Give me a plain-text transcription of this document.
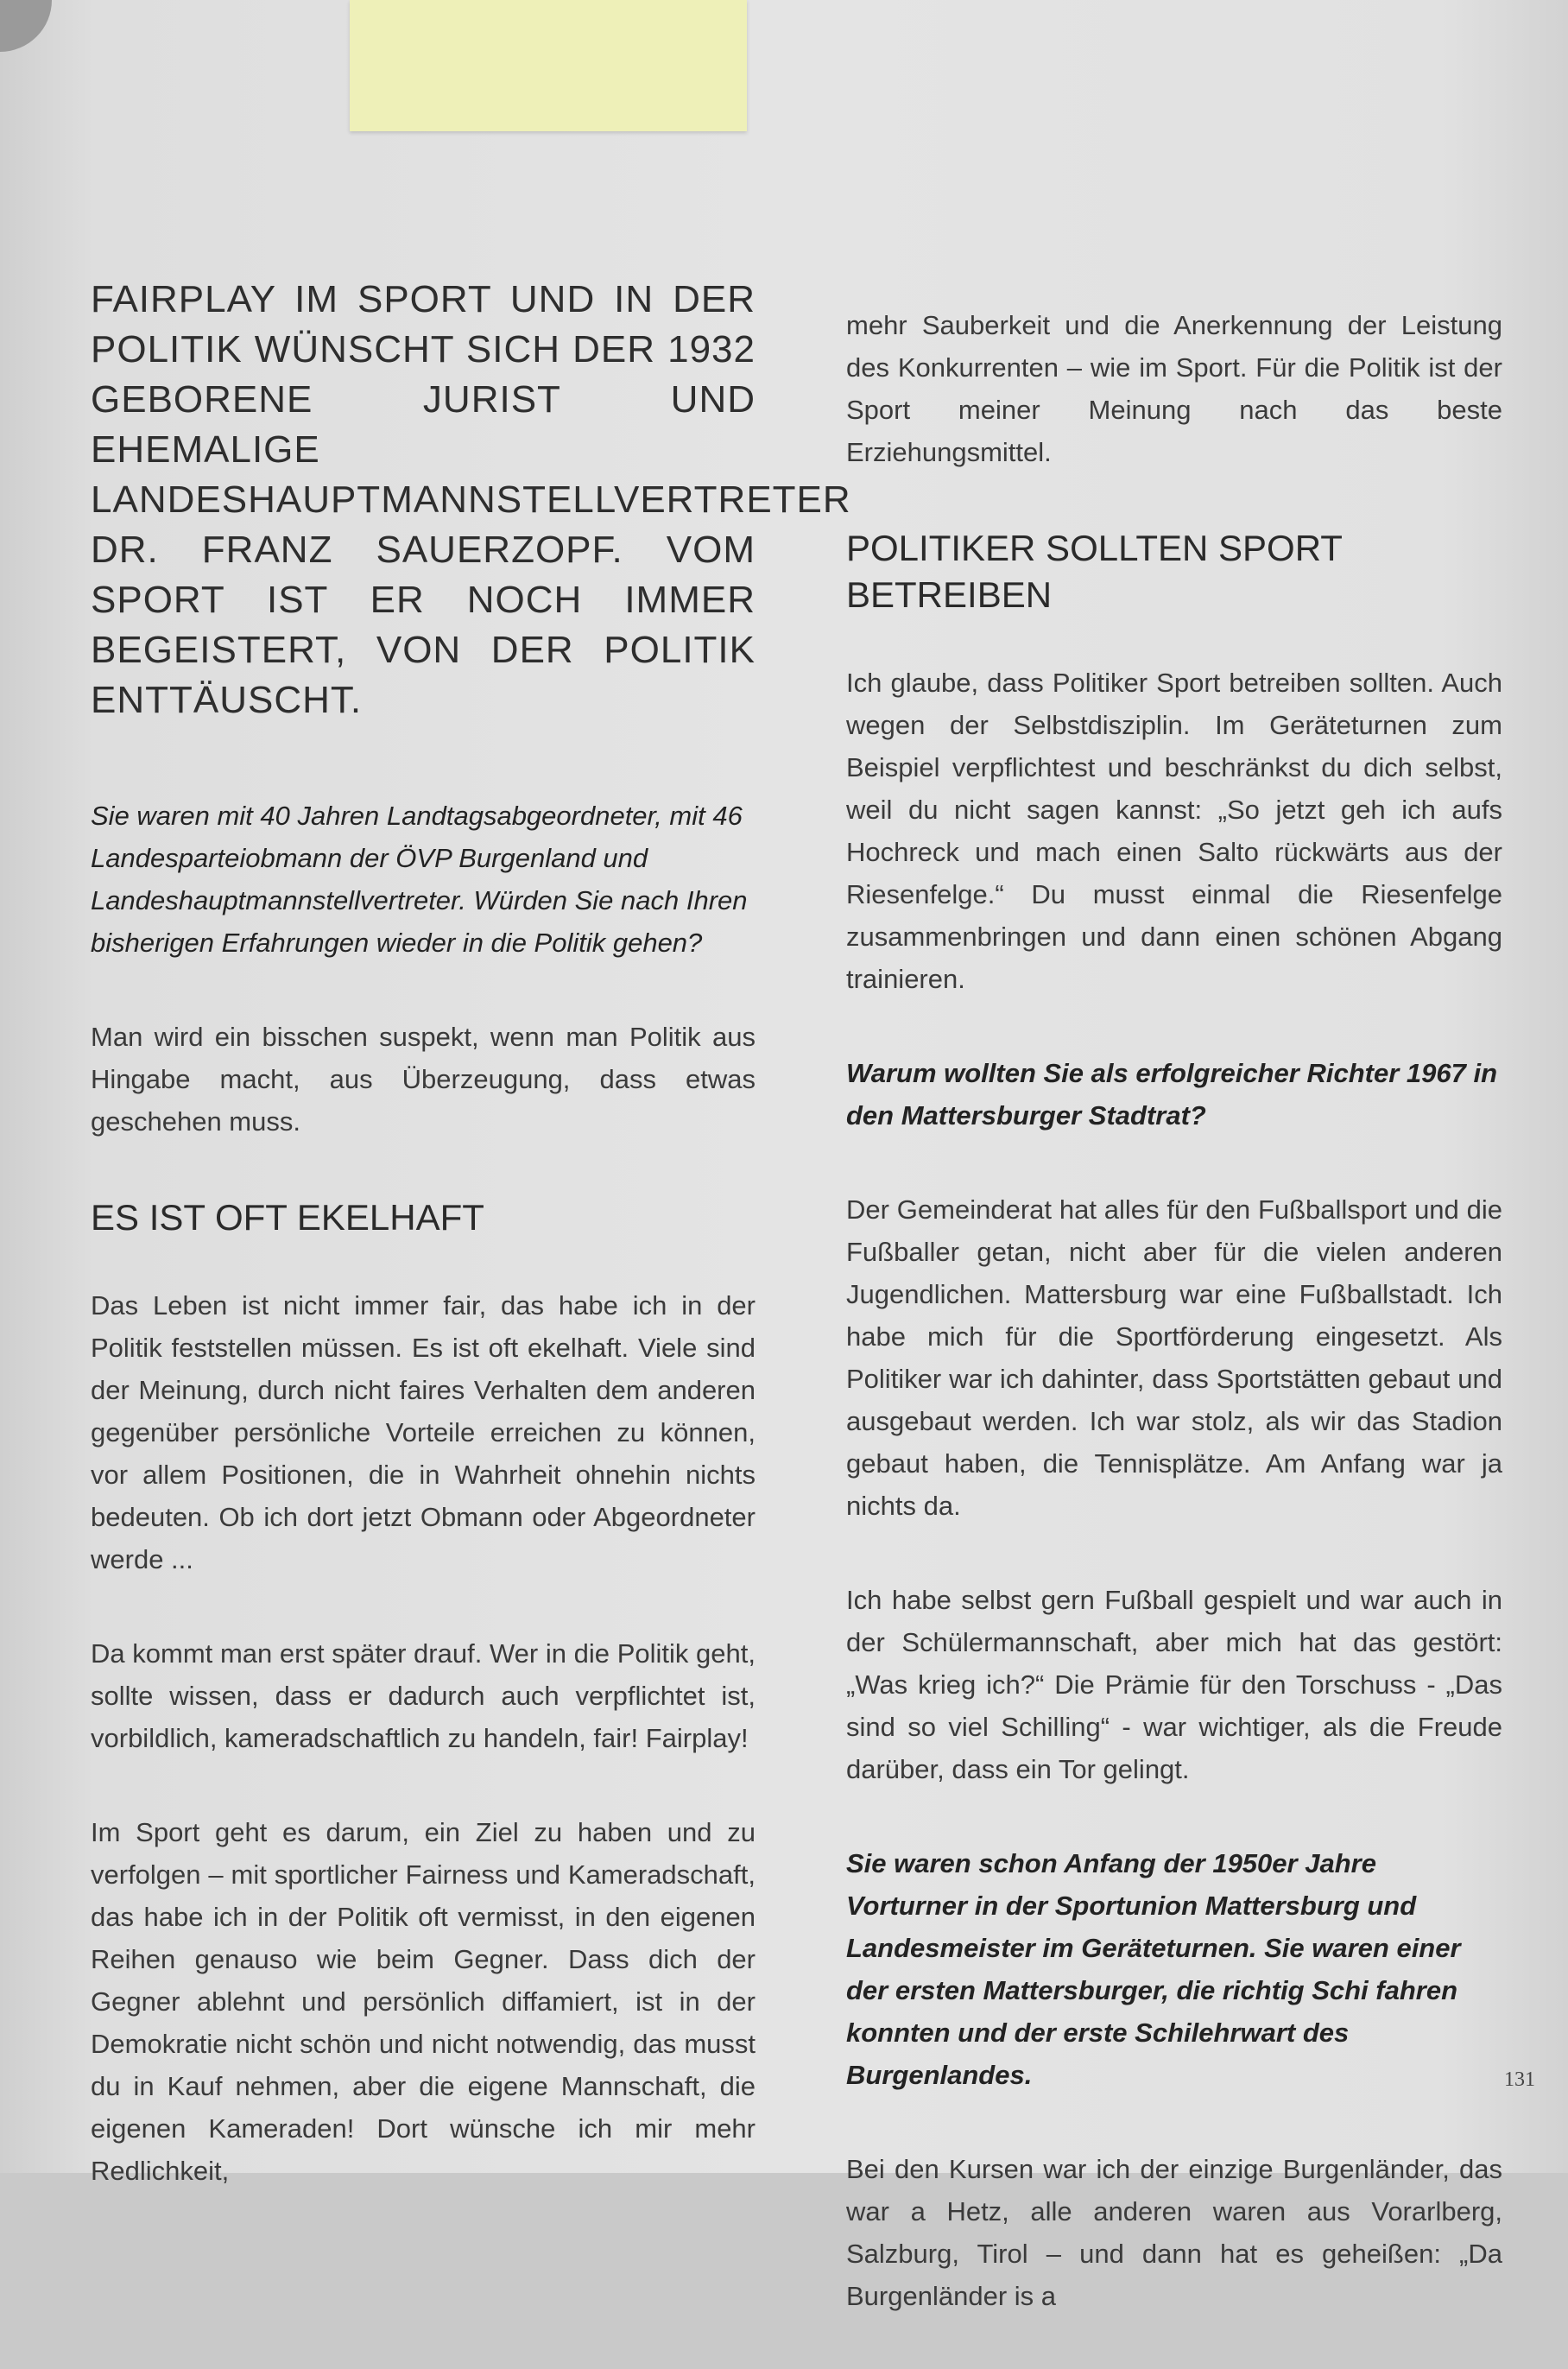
FAIRPLAY IM SPORT UND IN DER POLITIK WÜNSCHT SICH DER 1932 GEBORENE JURIST UND EHEMALIGE LANDESHAUPTMANNSTELLVERTRETER DR. FRANZ SAUERZOPF. VOM SPORT IST ER NOCH IMMER BEGEISTERT, VON DER POLITIK ENTTÄUSCHT.

Sie waren mit 40 Jahren Landtagsabgeordneter, mit 46 Landesparteiobmann der ÖVP Burgenland und Landeshauptmannstellvertreter. Würden Sie nach Ihren bisherigen Erfahrungen wieder in die Politik gehen?

Man wird ein bisschen suspekt, wenn man Politik aus Hingabe macht, aus Überzeugung, dass etwas geschehen muss.

ES IST OFT EKELHAFT

Das Leben ist nicht immer fair, das habe ich in der Politik feststellen müssen. Es ist oft ekelhaft. Viele sind der Meinung, durch nicht faires Verhalten dem anderen gegenüber persönliche Vorteile erreichen zu können, vor allem Positionen, die in Wahrheit ohnehin nichts bedeuten. Ob ich dort jetzt Obmann oder Abgeordneter werde ...

Da kommt man erst später drauf. Wer in die Politik geht, sollte wissen, dass er dadurch auch verpflichtet ist, vorbildlich, kameradschaftlich zu handeln, fair! Fairplay!

Im Sport geht es darum, ein Ziel zu haben und zu verfolgen – mit sportlicher Fairness und Kameradschaft, das habe ich in der Politik oft vermisst, in den eigenen Reihen genauso wie beim Gegner. Dass dich der Gegner ablehnt und persönlich diffamiert, ist in der Demokratie nicht schön und nicht notwendig, das musst du in Kauf nehmen, aber die eigene Mannschaft, die eigenen Kameraden! Dort wünsche ich mir mehr Redlichkeit,

mehr Sauberkeit und die Anerkennung der Leistung des Konkurrenten – wie im Sport. Für die Politik ist der Sport meiner Meinung nach das beste Erziehungsmittel.

POLITIKER SOLLTEN SPORT BETREIBEN

Ich glaube, dass Politiker Sport betreiben sollten. Auch wegen der Selbstdisziplin. Im Geräteturnen zum Beispiel verpflichtest und beschränkst du dich selbst, weil du nicht sagen kannst: „So jetzt geh ich aufs Hochreck und mach einen Salto rückwärts aus der Riesenfelge.“ Du musst einmal die Riesenfelge zusammenbringen und dann einen schönen Abgang trainieren.

Warum wollten Sie als erfolgreicher Richter 1967 in den Mattersburger Stadtrat?

Der Gemeinderat hat alles für den Fußballsport und die Fußballer getan, nicht aber für die vielen anderen Jugendlichen. Mattersburg war eine Fußballstadt. Ich habe mich für die Sportförderung eingesetzt. Als Politiker war ich dahinter, dass Sportstätten gebaut und ausgebaut werden. Ich war stolz, als wir das Stadion gebaut haben, die Tennisplätze. Am Anfang war ja nichts da.

Ich habe selbst gern Fußball gespielt und war auch in der Schülermannschaft, aber mich hat das gestört: „Was krieg ich?“ Die Prämie für den Torschuss - „Das sind so viel Schilling“ - war wichtiger, als die Freude darüber, dass ein Tor gelingt.

Sie waren schon Anfang der 1950er Jahre Vorturner in der Sportunion Mattersburg und Landesmeister im Geräteturnen. Sie waren einer der ersten Mattersburger, die richtig Schi fahren konnten und der erste Schilehrwart des Burgenlandes.

Bei den Kursen war ich der einzige Burgenländer, das war a Hetz, alle anderen waren aus Vorarlberg, Salzburg, Tirol – und dann hat es geheißen: „Da Burgenländer is a

131
